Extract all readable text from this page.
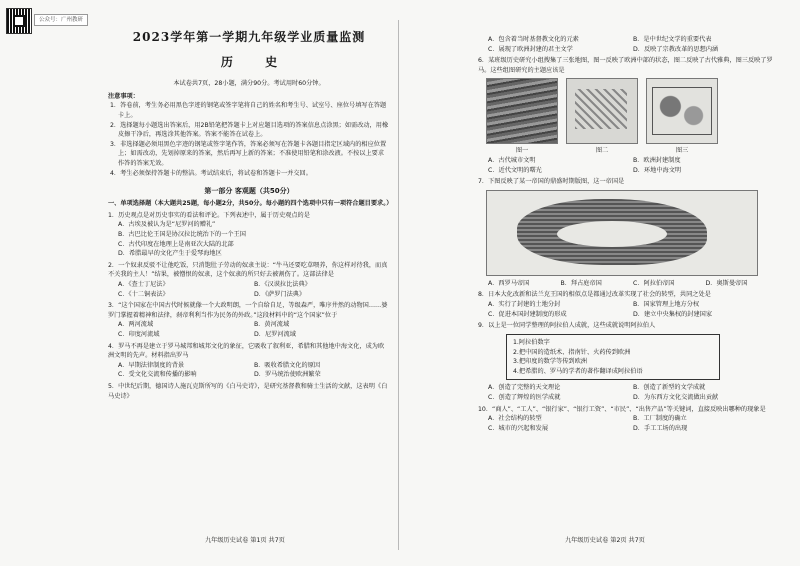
公众号：广州教研
2023学年第一学期九年级学业质量监测
历 史
本试卷共7页，28小题，满分90分。考试用时60分钟。
注意事项：

1．答卷前，考生务必用黑色字迹的钢笔或签字笔将自己的姓名和考生号、试室号、座位号填写在答题卡上。

2．选择题每小题选出答案后，用2B铅笔把答题卡上对应题目选项的答案信息点涂黑；如需改动，用橡皮擦干净后，再选涂其他答案。答案不能答在试卷上。

3．非选择题必须用黑色字迹的钢笔或签字笔作答，答案必须写在答题卡各题目指定区域内的相应位置上；如需改动，先划掉原来的答案，然后再写上新的答案；不准使用铅笔和涂改液。不按以上要求作答的答案无效。

4．考生必须保持答题卡的整洁。考试结束后，将试卷和答题卡一并交回。

第一部分 客观题（共50分）
一、单项选择题（本大题共25题，每小题2分，共50分。每小题的四个选项中只有一项符合题目要求。）
1．历史观点是对历史事实的看法和评论。下列表述中，属于历史观点的是
A．古埃及被认为是“尼罗河的赠礼”
B．古巴比伦王国是协汉拉比统治下的一个王国
C．古代印度在地理上是南亚次大陆的北部
D．希腊最早的文化产生于爱琴海地区
2．一个奴隶反驳不让他吃饭，只消饱肚子劳动的奴隶主说：“牛马还要吃草喂养，你这样对待我，而真不关我的主人！”结果，被憎恨的奴隶，这个奴隶的所只好去被割伤了。这部法律是
A．《查士丁尼法》	B．《汉谟拉比法典》
C．《十二铜表法》	D．《萨罗门法典》
3．“这个国家在中国古代时候就像一个大政明朗，一个自给自足，等级森严，唯序井然的动物国……婆罗门掌握着精神和法律，刹帝利利当作为民务的外政。”这段材料中的“这个国家”位于
A．两河流域	B．黄河流域
C．印度河流域	D．尼罗河流域
4．罗马不再是建立于罗马城邦和城邦文化的象征，它吸收了叙利亚，希腊和其他地中海文化，成为欧洲文明的先声。材料指出罗马
A．早期法律制度的背景	B．吸收希腊文化的原因
C．受文化交流和传播的影响	D．罗马统治使欧洲繁荣
5．中世纪后期，德国诗人施瓦克斯所写的《白马史诗》，是研究基督教和骑士生活的文献，这表明《白马史诗》
九年级历史试卷 第1页 共7页
A．包含着当时基督教文化的元素	B．是中世纪文学的重要代表
C．展现了欧洲封建的君主文学	D．反映了宗教改革的思想内涵
6．某班级历史研究小组搜集了三张地图，图一反映了欧洲中部的状态，图二反映了古代雅典，图三反映了罗马。这些组图研究的主题应该是
图一	图二	图三
A．古代城市文明	B．欧洲封建制度
C．近代文明的曙光	D．环地中海文明
7．下图反映了某一帝国的鼎盛时期版图，这一帝国是
A．西罗马帝国	B．拜占庭帝国	C．阿拉伯帝国	D．奥斯曼帝国
8．日本大化改新和法兰克王国的相似点是都通过改革实现了社会的转型，共同之处是
A．实行了封建的土地分封	B．国家管理上地方分权
C．促进本国封建制度的形成	D．建立中央集权的封建国家
9．以上是一位同学整理的阿拉伯人成就，这些成就说明阿拉伯人

1.阿拉伯数字

2.把中国的造纸术、指南针、火药传到欧洲

3.把印度的数学等传到欧洲

4.把希腊的、罗马的学者的著作翻译成阿拉伯语

A．创造了完整的天文理论	B．创造了新型的文学成就
C．创造了辉煌的医学成就	D．为东西方文化交流做出贡献
10．“商人”、“工人”、“银行家”、“银行工资”、“市民”、“出售产品”等关键词，直接反映出哪种的现象是
A．社会结构的转型	B．工厂制度的确立
C．城市的兴起和发展	D．手工工场的出现
九年级历史试卷 第2页 共7页
